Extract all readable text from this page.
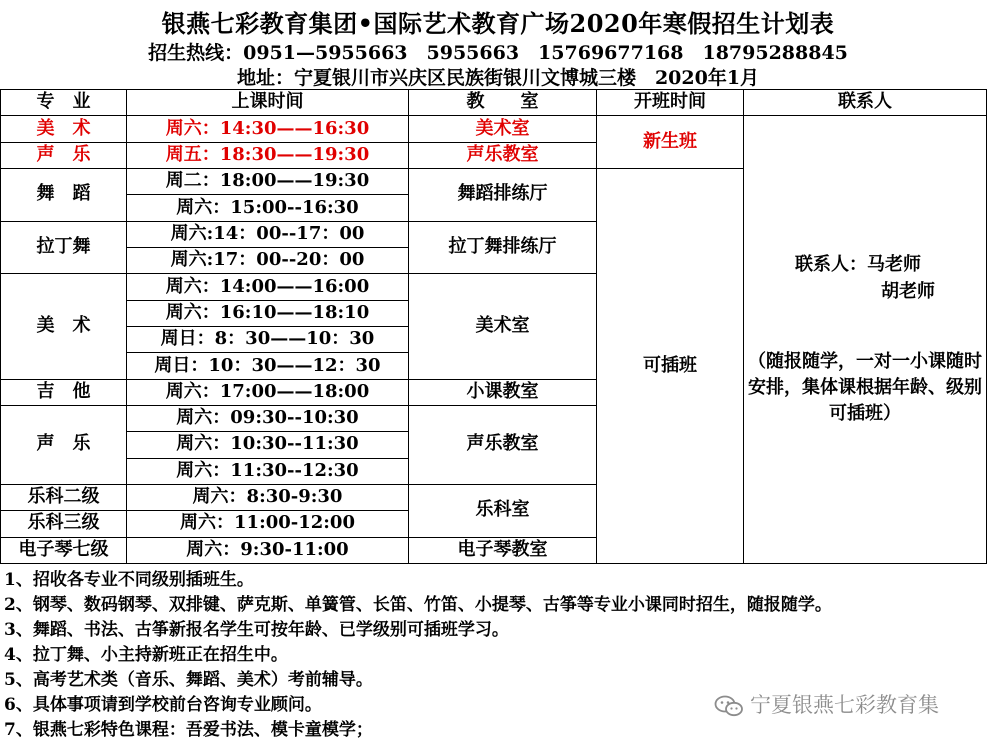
银燕七彩教育集团•国际艺术教育广场2020年寒假招生计划表
招生热线：0951—5955663　5955663　15769677168　18795288845
地址：宁夏银川市兴庆区民族街银川文博城三楼　2020年1月
专　业	上课时间	教　　室	开班时间	联系人
美　术	周六：14:30——16:30	美术室	新生班	联系人：马老师
胡老师
（随报随学，一对一小课随时安排，集体课根据年龄、级别可插班）

声　乐	周五：18:30——19:30	声乐教室		
舞　蹈	周二：18:00——19:30	舞蹈排练厅	可插班	
	周六：15:00--16:30			
拉丁舞	周六:14：00--17：00	拉丁舞排练厅		
	周六:17：00--20：00			
美　术	周六：14:00——16:00	美术室		
	周六：16:10——18:10			
	周日：8：30——10：30			
	周日：10：30——12：30			
吉　他	周六：17:00——18:00	小课教室		
声　乐	周六：09:30--10:30	声乐教室		
	周六：10:30--11:30			
	周六：11:30--12:30			
乐科二级	周六：8:30-9:30	乐科室		
乐科三级	周六：11:00-12:00			
电子琴七级	周六：9:30-11:00	电子琴教室		
1、招收各专业不同级别插班生。
2、钢琴、数码钢琴、双排键、萨克斯、单簧管、长笛、竹笛、小提琴、古筝等专业小课同时招生，随报随学。
3、舞蹈、书法、古筝新报名学生可按年龄、已学级别可插班学习。
4、拉丁舞、小主持新班正在招生中。
5、高考艺术类（音乐、舞蹈、美术）考前辅导。
6、具体事项请到学校前台咨询专业顾问。
7、银燕七彩特色课程：吾爱书法、模卡童模学；
宁夏银燕七彩教育集
